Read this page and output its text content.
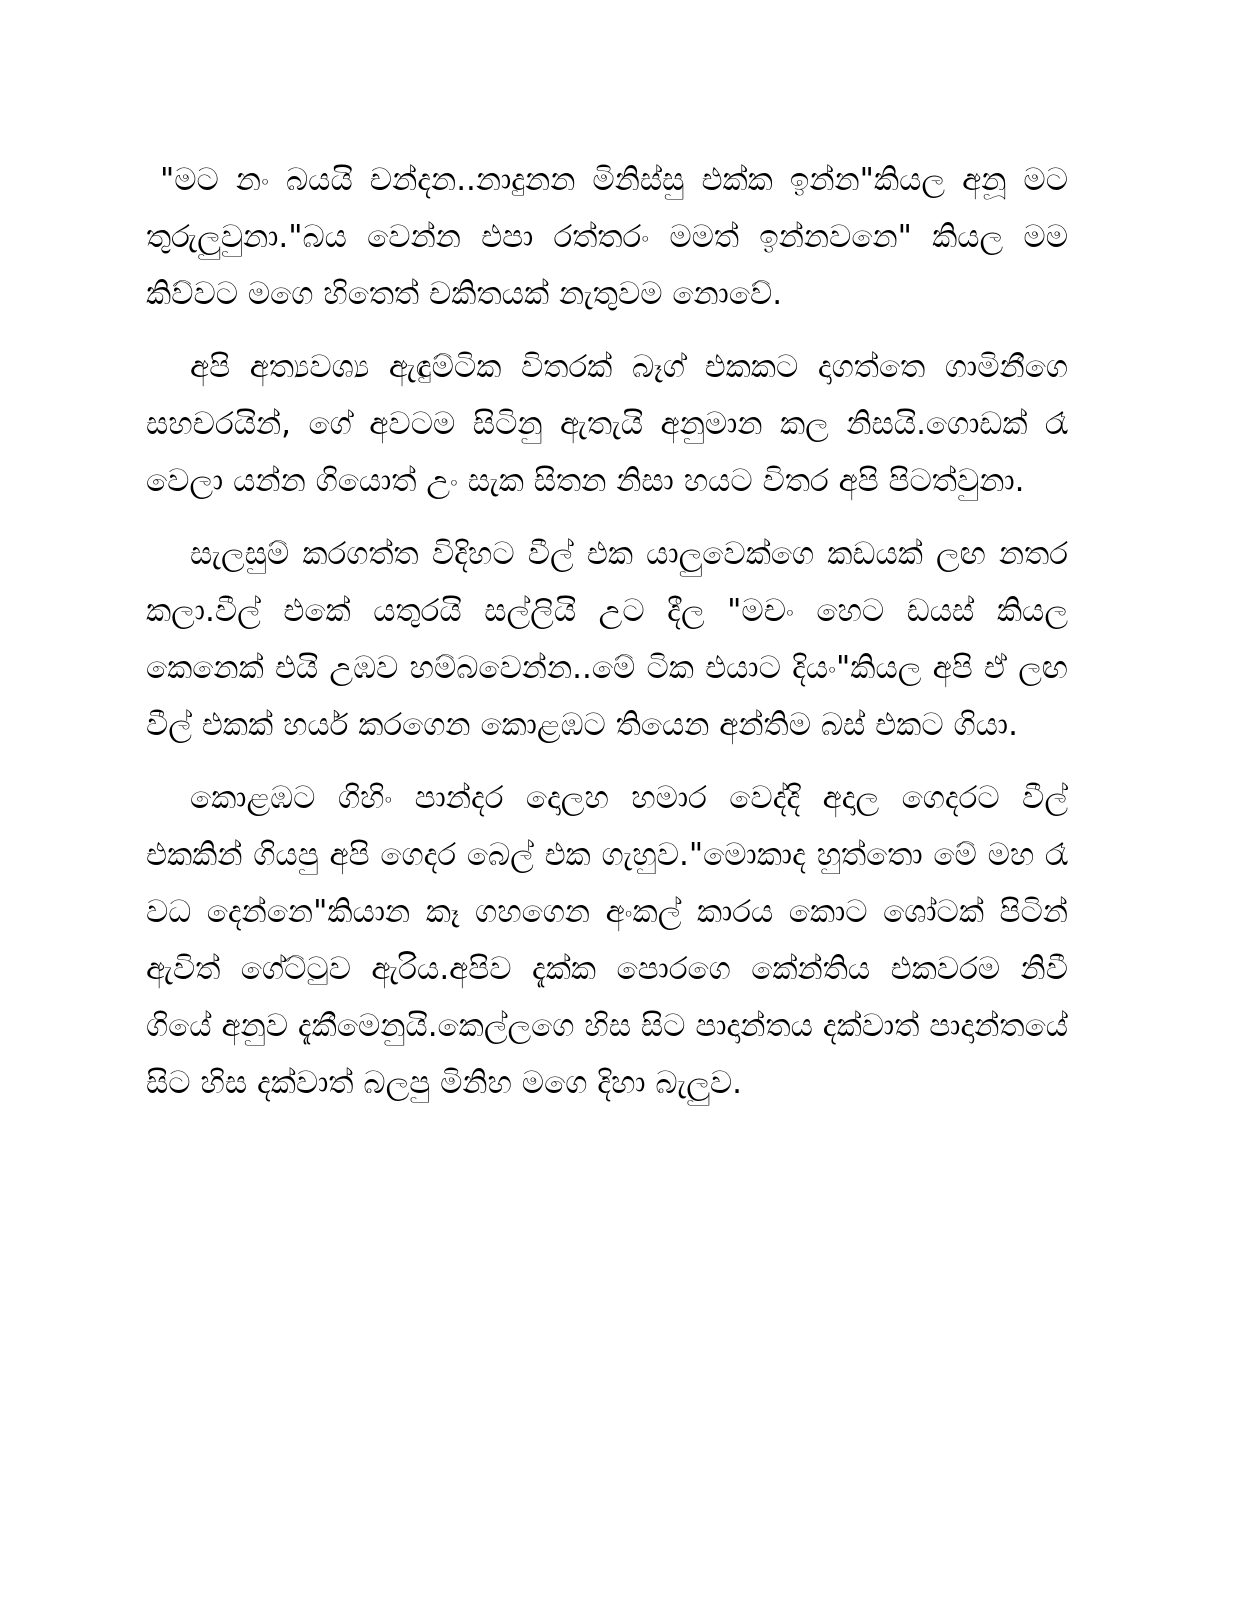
"මට නං බයයි චන්දන..නාදුනන මිනිස්සු එක්ක ඉන්න"කියල අනූ මට තුරුලුවුනා."බය වෙන්න එපා රත්තරං මමත් ඉන්නවනෙ" කියල මම කිව්වට මගෙ හිතෙත් චකිතයක් නැතුවම නොවේ.

අපි අත්‍යවශ්‍ය ඇඳුම්ටික විතරක් බෑග් එකකට දාගත්තෙ ගාමිනීගෙ සහචරයින්, ගේ අවටම සිටිනු ඇතැයි අනුමාන කල නිසයි.ගොඩක් රෑ වෙලා යන්න ගියොත් උං සැක සිතන නිසා හයට විතර අපි පිටත්වුනා.

සැලසුම් කරගත්ත විදිහට වීල් එක යාලුවෙක්ගෙ කඩයක් ලඟ නතර කලා.වීල් එකේ යතුරයි සල්ලියි උට දීල "මචං හෙට ඩයස් කියල කෙනෙක් එයි උඹව හම්බවෙන්න..මේ ටික එයාට දියං"කියල අපි ඒ ලඟ වීල් එකක් හයර් කරගෙන කොළඹට තියෙන අන්තිම බස් එකට ගියා.

කොළඹට ගිහිං පාන්දර දොලහ හමාර වෙද්දි අදාල ගෙදරට වීල් එකකින් ගියපු අපි ගෙදර බෙල් එක ගැහුව."මොකාද හුත්තො මේ මහ රෑ වධ දෙන්නෙ"කියාන කෑ ගහගෙන අංකල් කාරය කොට ශෝටක් පිටින් ඇවිත් ගේට්ටුව ඇරිය.අපිව දැක්ක පොරගෙ කේන්තිය එකවරම නිවී ගියේ අනුව දැකීමෙනුයි.කෙල්ලගෙ හිස සිට පාදාන්තය දක්වාත් පාදාන්තයේ සිට හිස දක්වාත් බලපු මිනිහ මගෙ දිහා බැලුව.
